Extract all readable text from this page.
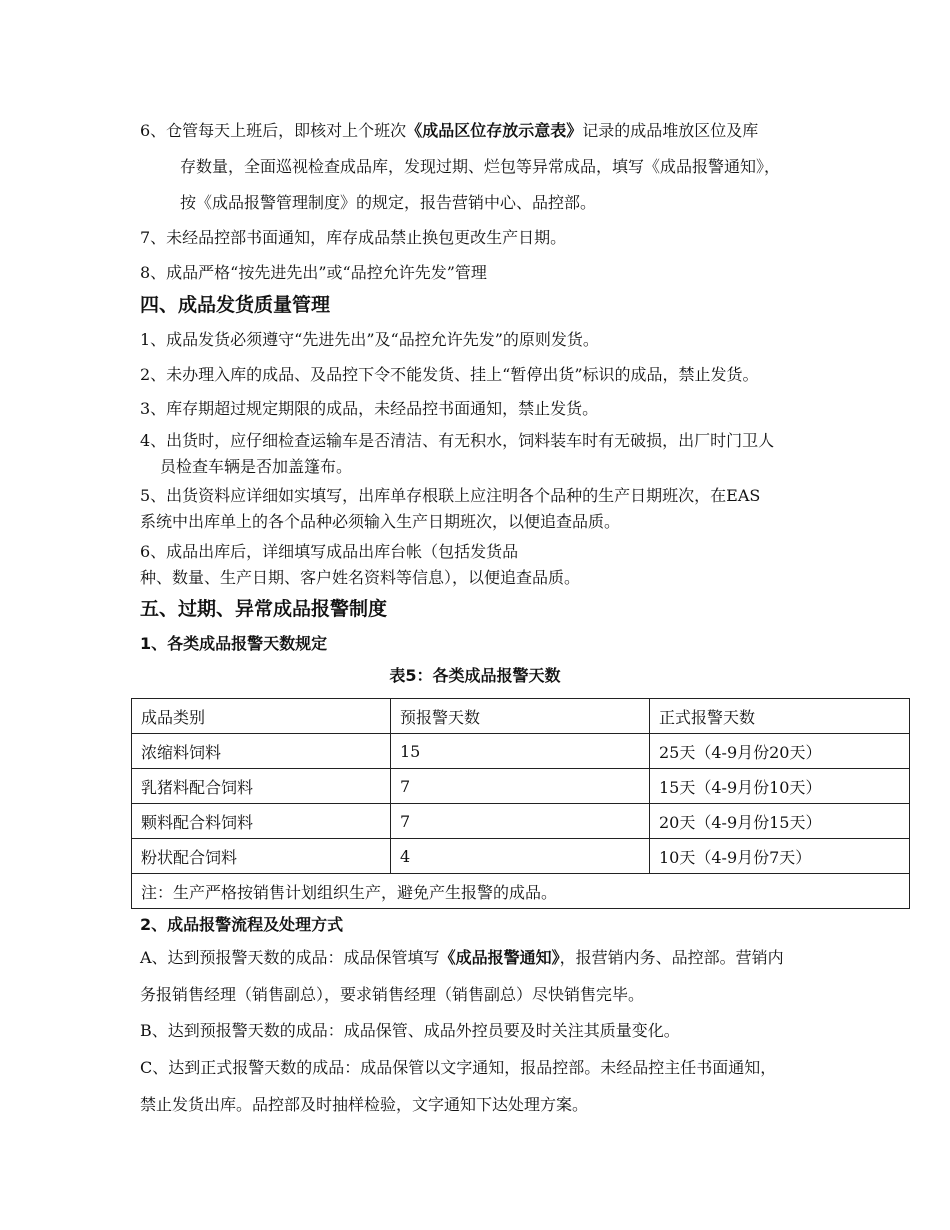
6、仓管每天上班后，即核对上个班次《成品区位存放示意表》记录的成品堆放区位及库
存数量，全面巡视检查成品库，发现过期、烂包等异常成品，填写《成品报警通知》，
按《成品报警管理制度》的规定，报告营销中心、品控部。
7、未经品控部书面通知，库存成品禁止换包更改生产日期。
8、成品严格“按先进先出”或“品控允许先发”管理
四、成品发货质量管理
1、成品发货必须遵守“先进先出”及“品控允许先发”的原则发货。
2、未办理入库的成品、及品控下令不能发货、挂上“暂停出货”标识的成品，禁止发货。
3、库存期超过规定期限的成品，未经品控书面通知，禁止发货。
4、出货时，应仔细检查运输车是否清洁、有无积水，饲料装车时有无破损，出厂时门卫人
员检查车辆是否加盖篷布。
5、出货资料应详细如实填写，出库单存根联上应注明各个品种的生产日期班次，在EAS
系统中出库单上的各个品种必须输入生产日期班次，以便追查品质。
6、成品出库后，详细填写成品出库台帐（包括发货品
种、数量、生产日期、客户姓名资料等信息），以便追查品质。
五、过期、异常成品报警制度
1、各类成品报警天数规定
表5：各类成品报警天数
成品类别	预报警天数	正式报警天数
浓缩料饲料	15	25天（4-9月份20天）
乳猪料配合饲料	7	15天（4-9月份10天）
颗料配合料饲料	7	20天（4-9月份15天）
粉状配合饲料	4	10天（4-9月份7天）
注：生产严格按销售计划组织生产，避免产生报警的成品。		
2、成品报警流程及处理方式
A、达到预报警天数的成品：成品保管填写《成品报警通知》，报营销内务、品控部。营销内
务报销售经理（销售副总），要求销售经理（销售副总）尽快销售完毕。
B、达到预报警天数的成品：成品保管、成品外控员要及时关注其质量变化。
C、达到正式报警天数的成品：成品保管以文字通知，报品控部。未经品控主任书面通知，
禁止发货出库。品控部及时抽样检验，文字通知下达处理方案。
